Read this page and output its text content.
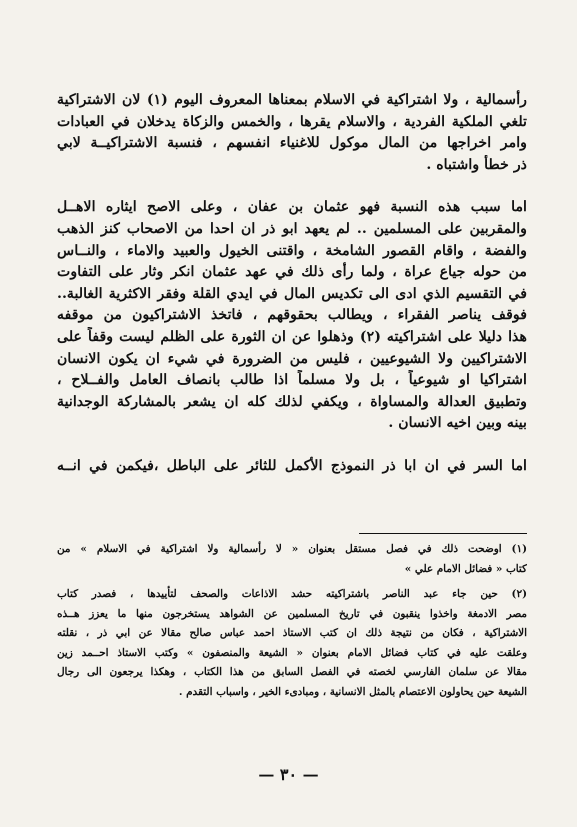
رأسمالية ، ولا اشتراكية في الاسلام بمعناها المعروف اليوم (١) لان الاشتراكية
تلغي الملكية الفردية ، والاسلام يقرها ، والخمس والزكاة يدخلان في العبادات
وامر اخراجها من المال موكول للاغنياء انفسهم ، فنسبة الاشتراكيــة لابي
ذر خطأ واشتباه .

اما سبب هذه النسبة فهو عثمان بن عفان ، وعلى الاصح ايثاره الاهــل
والمقربين على المسلمين .. لم يعهد ابو ذر ان احدا من الاصحاب كنز الذهب
والفضة ، واقام القصور الشامخة ، واقتنى الخيول والعبيد والاماء ، والنــاس
من حوله جياع عراة ، ولما رأى ذلك في عهد عثمان انكر وثار على التفاوت
في التقسيم الذي ادى الى تكديس المال في ايدي القلة وفقر الاكثرية الغالبة..
فوقف يناصر الفقراء ، ويطالب بحقوقهم ، فاتخذ الاشتراكيون من موقفه
هذا دليلا على اشتراكيته (٢) وذهلوا عن ان الثورة على الظلم ليست وقفاً على
الاشتراكيين ولا الشيوعيين ، فليس من الضرورة في شيء ان يكون الانسان
اشتراكيا او شيوعياً ، بل ولا مسلماً اذا طالب بانصاف العامل والفــلاح ،
وتطبيق العدالة والمساواة ، ويكفي لذلك كله ان يشعر بالمشاركة الوجدانية
بينه وبين اخيه الانسان .

اما السر في ان ابا ذر النموذج الأكمل للثائر على الباطل ،فيكمن في انــه

(١) اوضحت ذلك في فصل مستقل بعنوان « لا رأسمالية ولا اشتراكية في الاسلام » من
كتاب « فضائل الامام علي »
(٢) حين جاء عبد الناصر باشتراكيته حشد الاذاعات والصحف لتأييدها ، فصدر كتاب
مصر الادمغة واخذوا ينقبون في تاريخ المسلمين عن الشواهد يستخرجون منها ما يعزز هــذه
الاشتراكية ، فكان من نتيجة ذلك ان كتب الاستاذ احمد عباس صالح مقالا عن ابي ذر ، نقلته
وعلقت عليه في كتاب فضائل الامام بعنوان « الشيعة والمنصفون » وكتب الاستاذ احــمد زين
مقالا عن سلمان الفارسي لخصته في الفصل السابق من هذا الكتاب ، وهكذا يرجعون الى رجال
الشيعة حين يحاولون الاعتصام بالمثل الانسانية ، ومبادىء الخير ، واسباب التقدم .
— ٣٠ —
